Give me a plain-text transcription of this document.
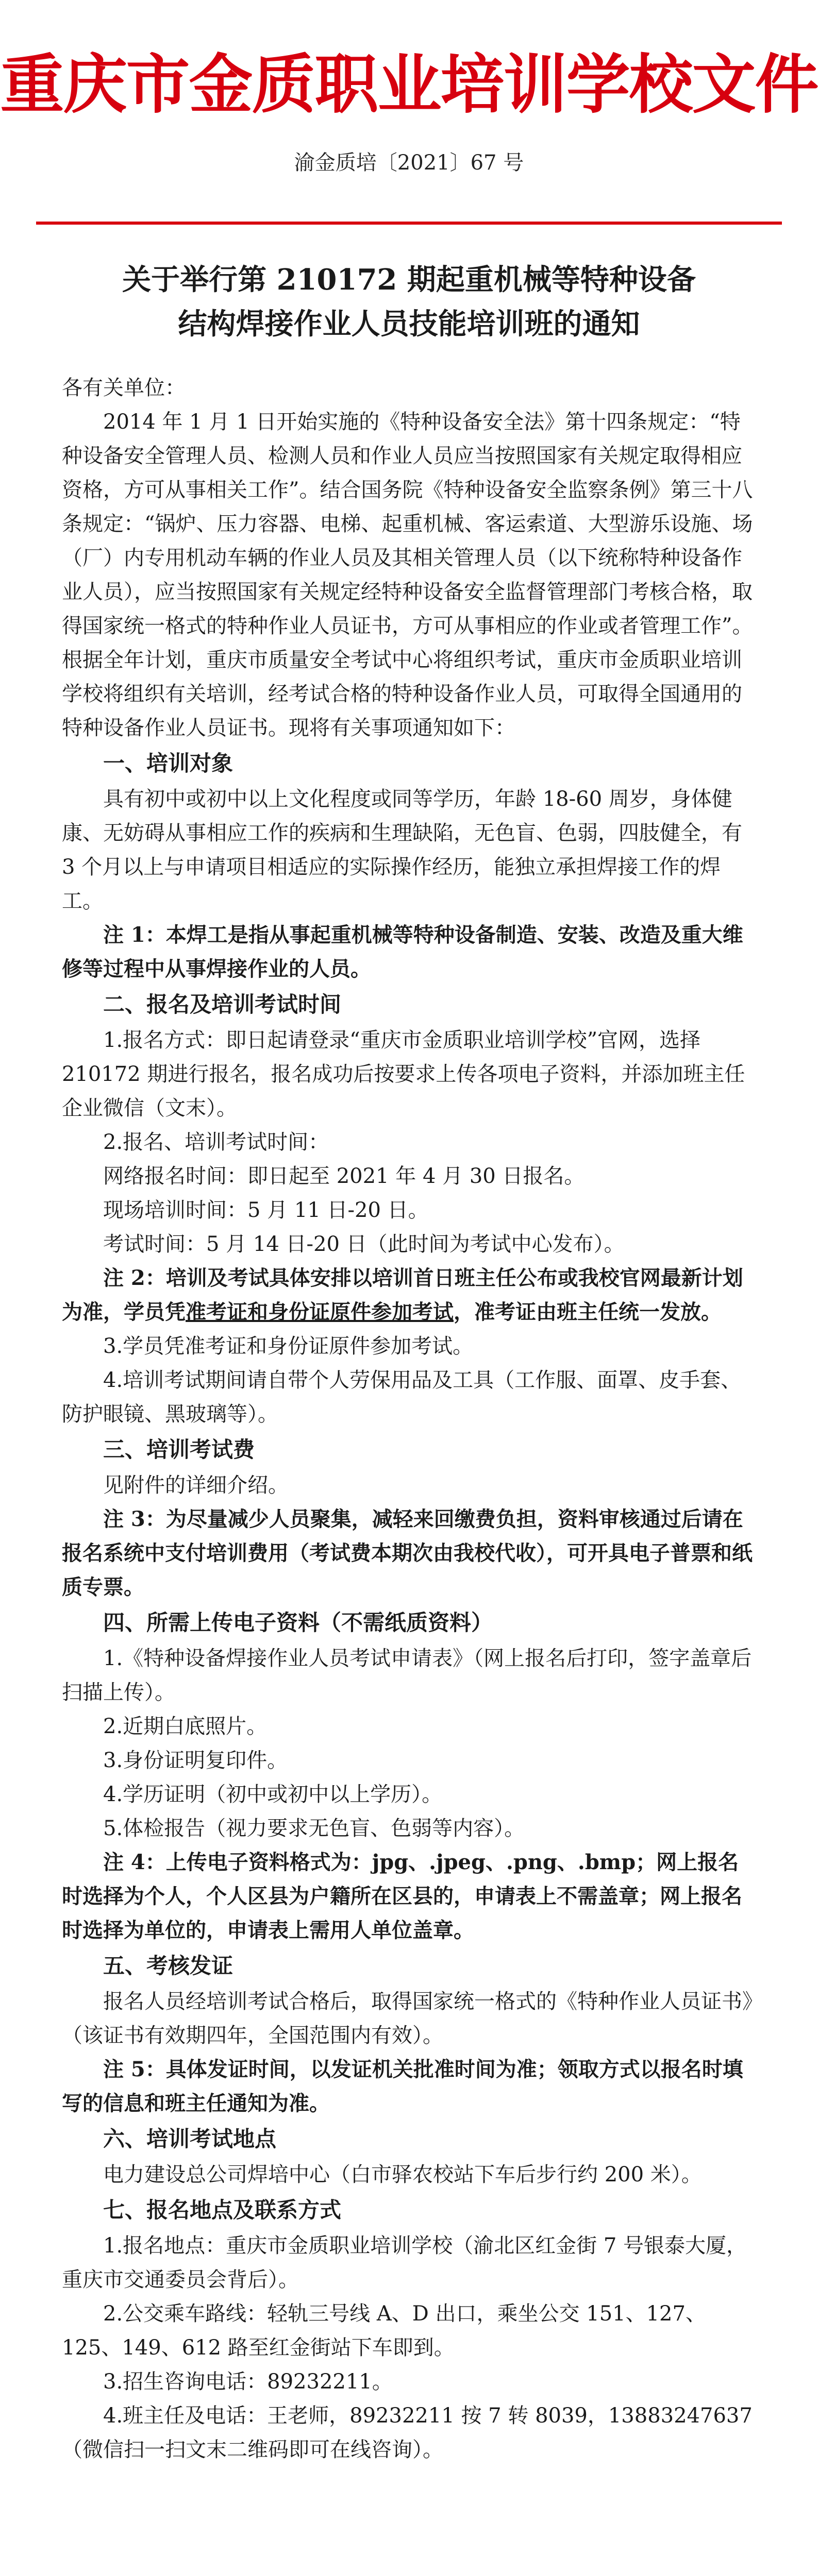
重庆市金质职业培训学校文件
渝金质培〔2021〕67 号
关于举行第 210172 期起重机械等特种设备
结构焊接作业人员技能培训班的通知

各有关单位：

2014 年 1 月 1 日开始实施的《特种设备安全法》第十四条规定：“特种设备安全管理人员、检测人员和作业人员应当按照国家有关规定取得相应资格，方可从事相关工作”。结合国务院《特种设备安全监察条例》第三十八条规定：“锅炉、压力容器、电梯、起重机械、客运索道、大型游乐设施、场（厂）内专用机动车辆的作业人员及其相关管理人员（以下统称特种设备作业人员），应当按照国家有关规定经特种设备安全监督管理部门考核合格，取得国家统一格式的特种作业人员证书，方可从事相应的作业或者管理工作”。根据全年计划，重庆市质量安全考试中心将组织考试，重庆市金质职业培训学校将组织有关培训，经考试合格的特种设备作业人员，可取得全国通用的特种设备作业人员证书。现将有关事项通知如下：

一、培训对象

具有初中或初中以上文化程度或同等学历，年龄 18-60 周岁，身体健康、无妨碍从事相应工作的疾病和生理缺陷，无色盲、色弱，四肢健全，有 3 个月以上与申请项目相适应的实际操作经历，能独立承担焊接工作的焊工。

注 1：本焊工是指从事起重机械等特种设备制造、安装、改造及重大维修等过程中从事焊接作业的人员。

二、报名及培训考试时间

1.报名方式：即日起请登录“重庆市金质职业培训学校”官网，选择 210172 期进行报名，报名成功后按要求上传各项电子资料，并添加班主任企业微信（文末）。

2.报名、培训考试时间：

网络报名时间：即日起至 2021 年 4 月 30 日报名。

现场培训时间：5 月 11 日-20 日。

考试时间：5 月 14 日-20 日（此时间为考试中心发布）。

注 2：培训及考试具体安排以培训首日班主任公布或我校官网最新计划为准，学员凭准考证和身份证原件参加考试，准考证由班主任统一发放。

3.学员凭准考证和身份证原件参加考试。

4.培训考试期间请自带个人劳保用品及工具（工作服、面罩、皮手套、防护眼镜、黑玻璃等）。

三、培训考试费

见附件的详细介绍。

注 3：为尽量减少人员聚集，减轻来回缴费负担，资料审核通过后请在报名系统中支付培训费用（考试费本期次由我校代收），可开具电子普票和纸质专票。

四、所需上传电子资料（不需纸质资料）

1.《特种设备焊接作业人员考试申请表》（网上报名后打印，签字盖章后扫描上传）。

2.近期白底照片。

3.身份证明复印件。

4.学历证明（初中或初中以上学历）。

5.体检报告（视力要求无色盲、色弱等内容）。

注 4：上传电子资料格式为：jpg、.jpeg、.png、.bmp；网上报名时选择为个人，个人区县为户籍所在区县的，申请表上不需盖章；网上报名时选择为单位的，申请表上需用人单位盖章。

五、考核发证

报名人员经培训考试合格后，取得国家统一格式的《特种作业人员证书》（该证书有效期四年，全国范围内有效）。

注 5：具体发证时间，以发证机关批准时间为准；领取方式以报名时填写的信息和班主任通知为准。

六、培训考试地点

电力建设总公司焊培中心（白市驿农校站下车后步行约 200 米）。

七、报名地点及联系方式

1.报名地点：重庆市金质职业培训学校（渝北区红金街 7 号银泰大厦，重庆市交通委员会背后）。

2.公交乘车路线：轻轨三号线 A、D 出口，乘坐公交 151、127、125、149、612 路至红金街站下车即到。

3.招生咨询电话：89232211。

4.班主任及电话：王老师，89232211 按 7 转 8039，13883247637（微信扫一扫文末二维码即可在线咨询）。
